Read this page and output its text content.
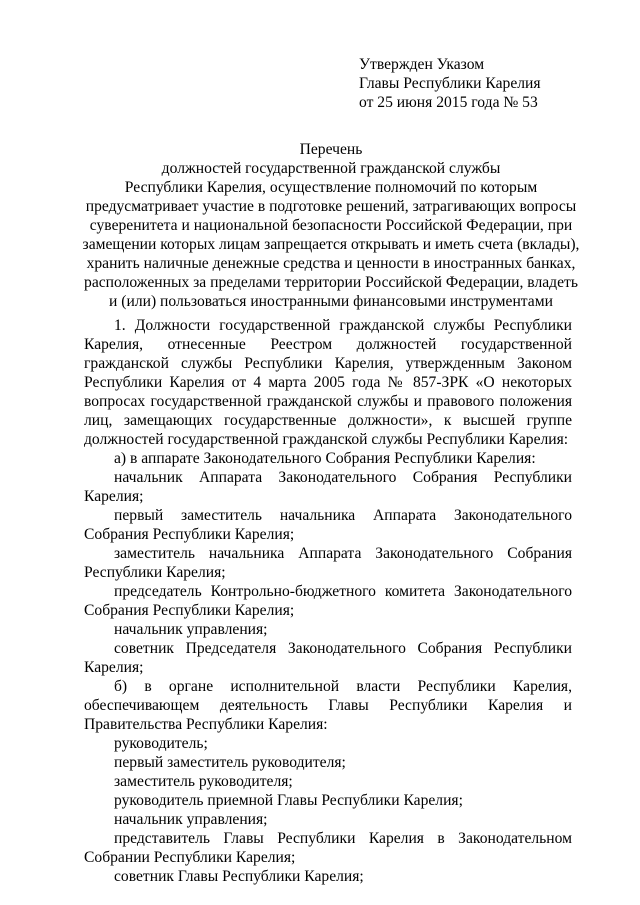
Утвержден Указом
Главы Республики Карелия
от 25 июня 2015 года № 53
Перечень
должностей государственной гражданской службы
Республики Карелия, осуществление полномочий по которым
предусматривает участие в подготовке решений, затрагивающих вопросы
суверенитета и национальной безопасности Российской Федерации, при
замещении которых лицам запрещается открывать и иметь счета (вклады),
хранить наличные денежные средства и ценности в иностранных банках,
расположенных за пределами территории Российской Федерации, владеть
и (или) пользоваться иностранными финансовыми инструментами

1. Должности государственной гражданской службы Республики Карелия, отнесенные Реестром должностей государственной гражданской службы Республики Карелия, утвержденным Законом Республики Карелия от 4 марта 2005 года № 857-ЗРК «О некоторых вопросах государственной гражданской службы и правового положения лиц, замещающих государственные должности», к высшей группе должностей государственной гражданской службы Республики Карелия:

а) в аппарате Законодательного Собрания Республики Карелия:

начальник Аппарата Законодательного Собрания Республики Карелия;

первый заместитель начальника Аппарата Законодательного Собрания Республики Карелия;

заместитель начальника Аппарата Законодательного Собрания Республики Карелия;

председатель Контрольно-бюджетного комитета Законодательного Собрания Республики Карелия;

начальник управления;

советник Председателя Законодательного Собрания Республики Карелия;

б) в органе исполнительной власти Республики Карелия, обеспечивающем деятельность Главы Республики Карелия и Правительства Республики Карелия:

руководитель;

первый заместитель руководителя;

заместитель руководителя;

руководитель приемной Главы Республики Карелия;

начальник управления;

представитель Главы Республики Карелия в Законодательном Собрании Республики Карелия;

советник Главы Республики Карелия;
